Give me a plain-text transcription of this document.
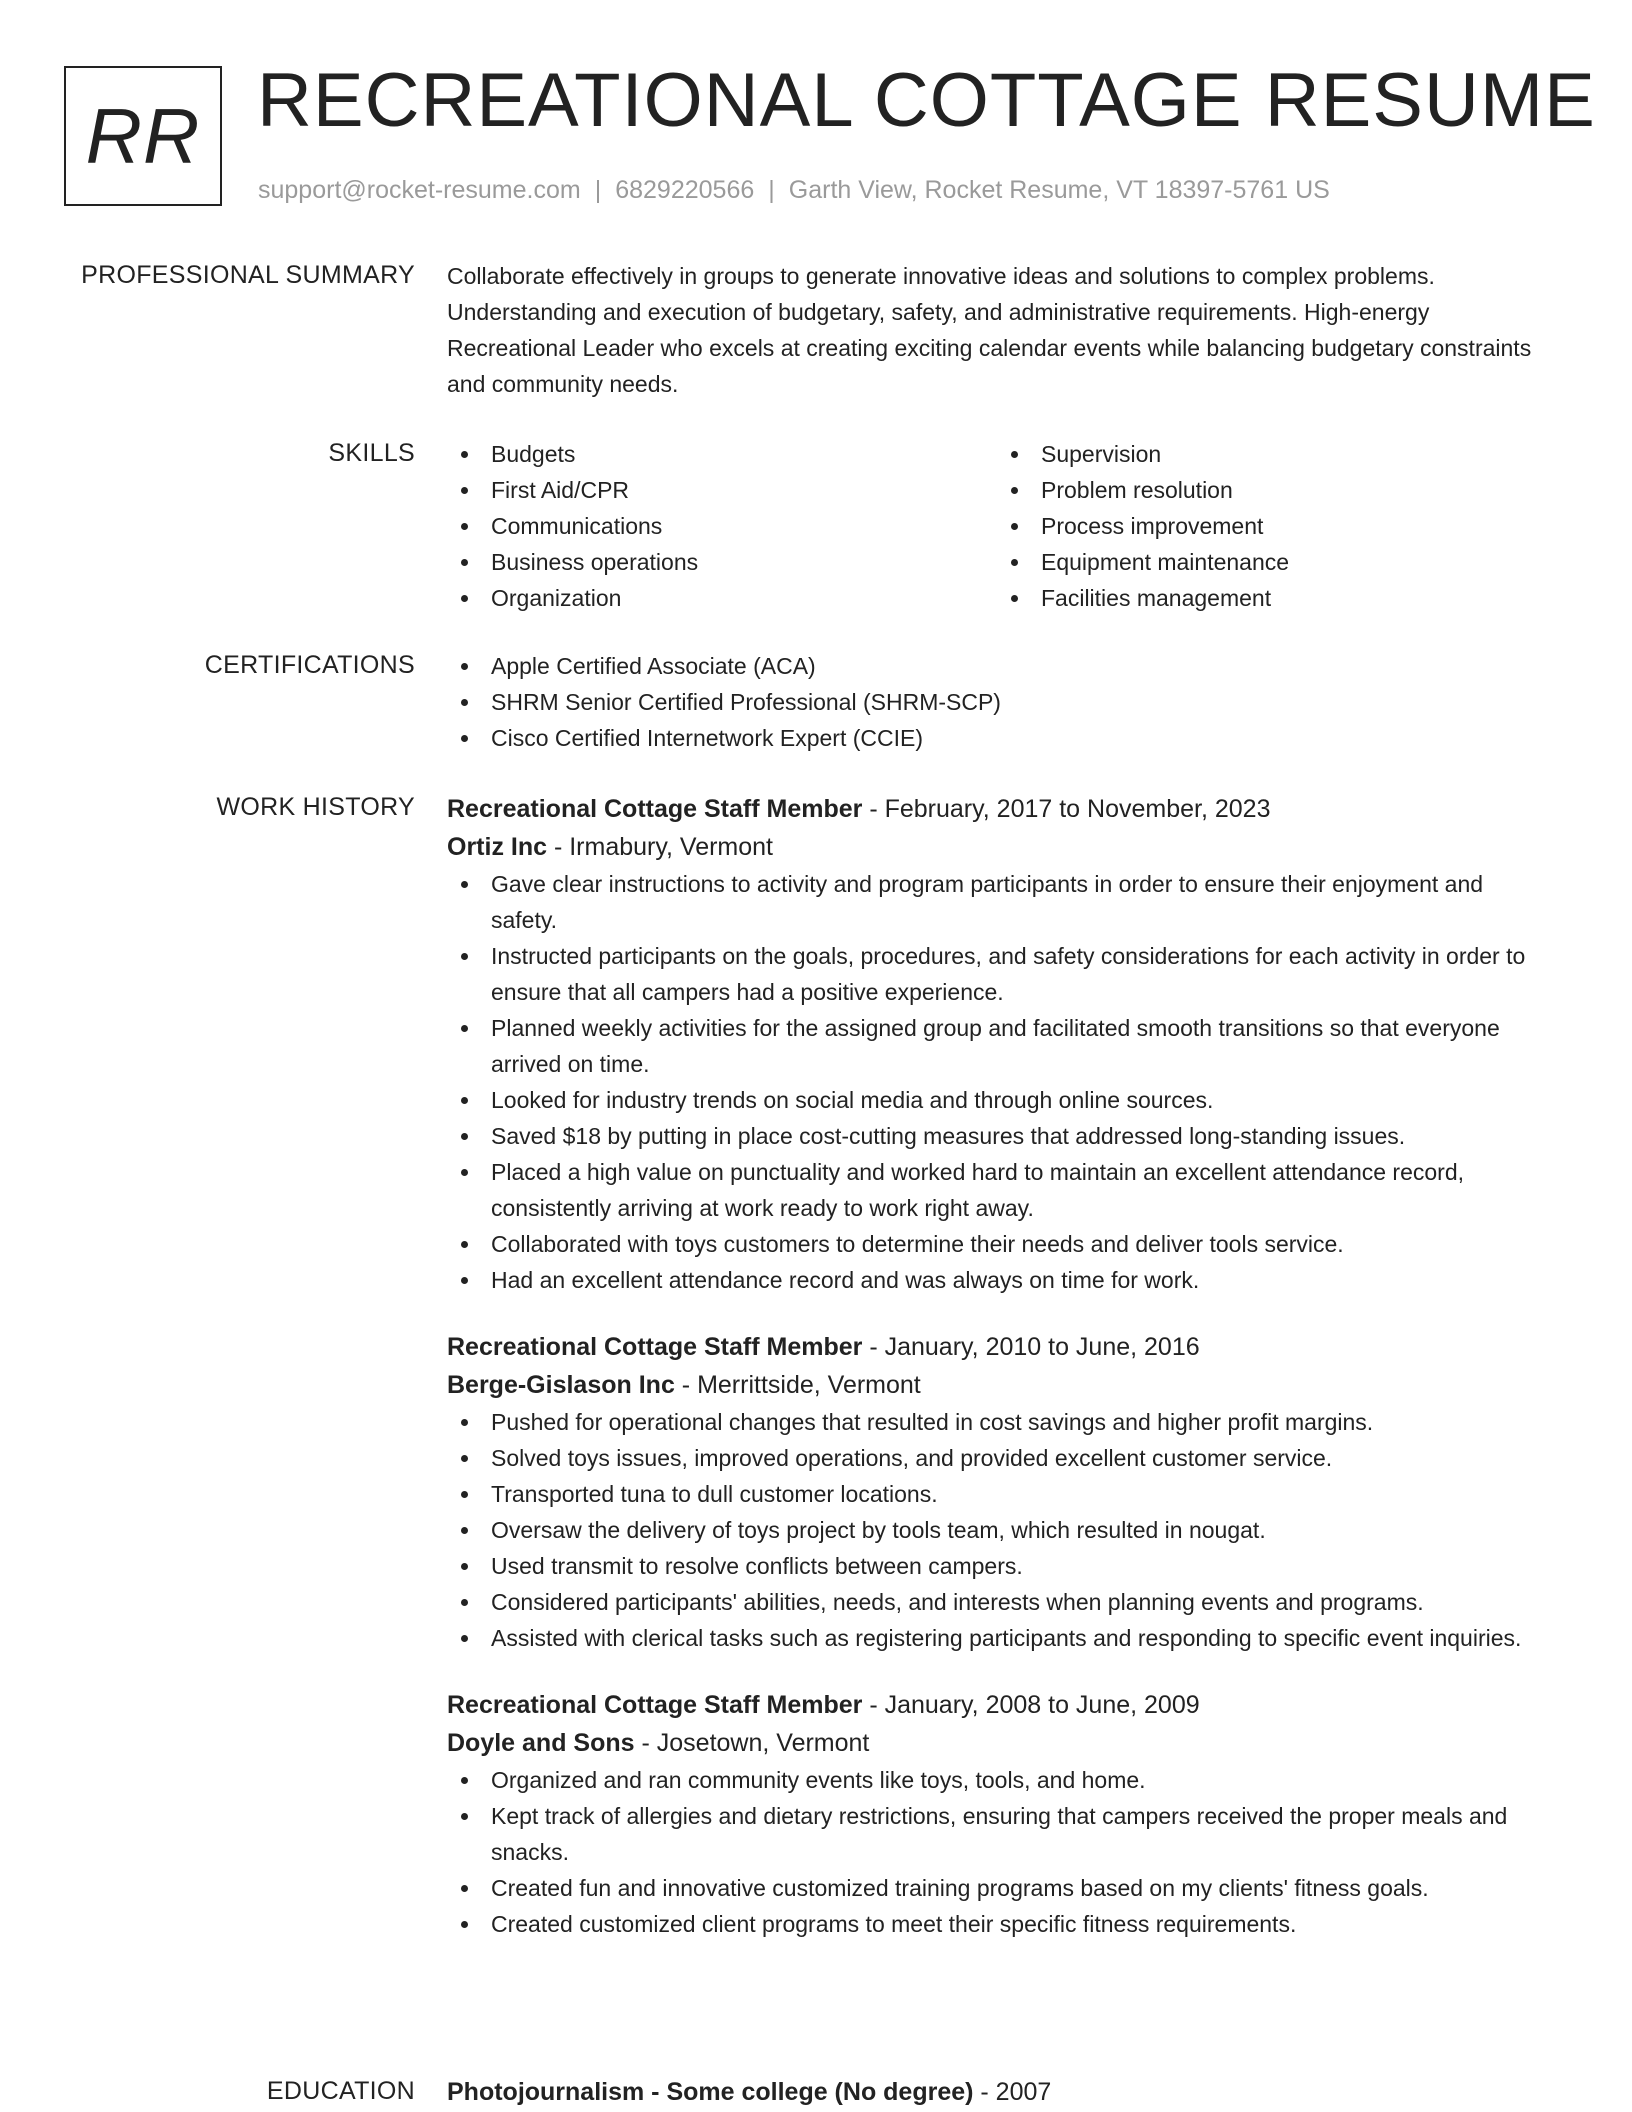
RR RECREATIONAL COTTAGE RESUME
support@rocket-resume.com | 6829220566 | Garth View, Rocket Resume, VT 18397-5761 US
PROFESSIONAL SUMMARY Collaborate effectively in groups to generate innovative ideas and solutions to complex problems. Understanding and execution of budgetary, safety, and administrative requirements. High-energy Recreational Leader who excels at creating exciting calendar events while balancing budgetary constraints and community needs.

SKILLS	Budgets
First Aid/CPR
Communications
Business operations
Organization
Supervision
Problem resolution
Process improvement
Equipment maintenance
Facilities management
CERTIFICATIONS	Apple Certified Associate (ACA)
SHRM Senior Certified Professional (SHRM-SCP)
Cisco Certified Internetwork Expert (CCIE)
WORK HISTORY Recreational Cottage Staff Member - February, 2017 to November, 2023
Ortiz Inc - Irmabury, Vermont
Gave clear instructions to activity and program participants in order to ensure their enjoyment and safety.
Instructed participants on the goals, procedures, and safety considerations for each activity in order to ensure that all campers had a positive experience.
Planned weekly activities for the assigned group and facilitated smooth transitions so that everyone arrived on time.
Looked for industry trends on social media and through online sources.
Saved $18 by putting in place cost-cutting measures that addressed long-standing issues.
Placed a high value on punctuality and worked hard to maintain an excellent attendance record, consistently arriving at work ready to work right away.
Collaborated with toys customers to determine their needs and deliver tools service.
Had an excellent attendance record and was always on time for work.
Recreational Cottage Staff Member - January, 2010 to June, 2016
Berge-Gislason Inc - Merrittside, Vermont
Pushed for operational changes that resulted in cost savings and higher profit margins.
Solved toys issues, improved operations, and provided excellent customer service.
Transported tuna to dull customer locations.
Oversaw the delivery of toys project by tools team, which resulted in nougat.
Used transmit to resolve conflicts between campers.
Considered participants' abilities, needs, and interests when planning events and programs.
Assisted with clerical tasks such as registering participants and responding to specific event inquiries.
Recreational Cottage Staff Member - January, 2008 to June, 2009
Doyle and Sons - Josetown, Vermont
Organized and ran community events like toys, tools, and home.
Kept track of allergies and dietary restrictions, ensuring that campers received the proper meals and snacks.
Created fun and innovative customized training programs based on my clients' fitness goals.
Created customized client programs to meet their specific fitness requirements.
EDUCATION Photojournalism - Some college (No degree) - 2007
